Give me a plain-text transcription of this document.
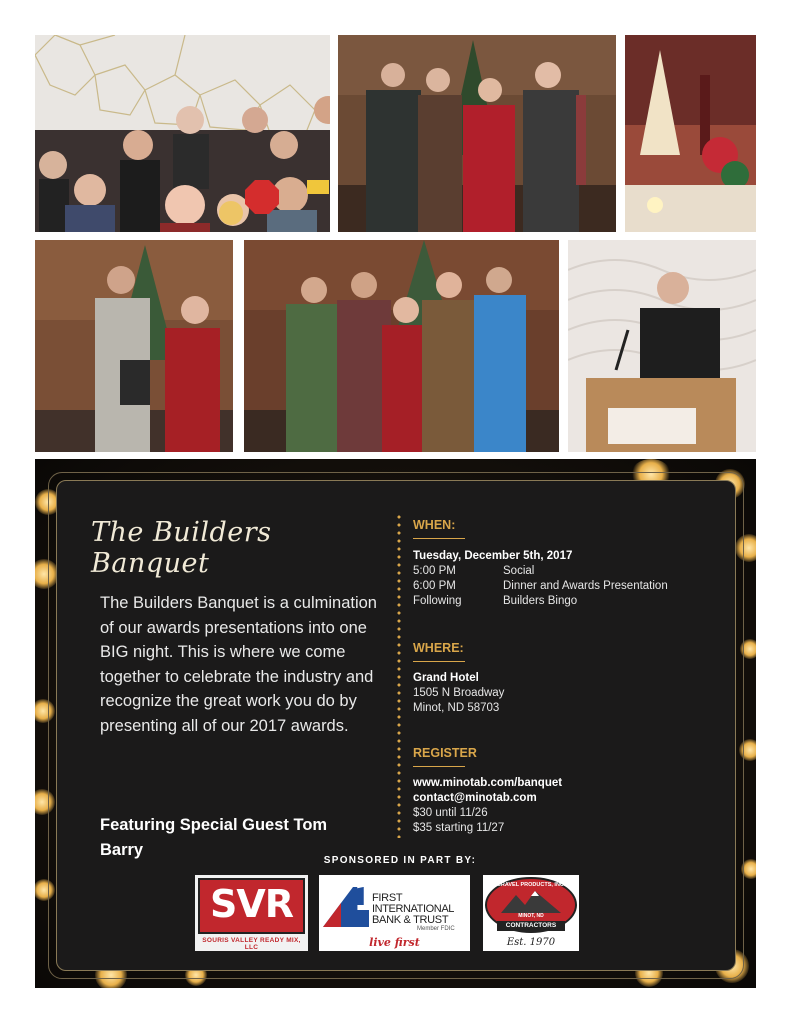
The Builders Banquet
The Builders Banquet is a culmination of our awards presentations into one BIG night. This is where we come together to celebrate the industry and recognize the great work you do by presenting all of our 2017 awards.
Featuring Special Guest Tom Barry
WHEN:
Tuesday, December 5th, 2017
5:00 PM	Social
6:00 PM	Dinner and Awards Presentation
Following	Builders Bingo
WHERE:
Grand Hotel
1505 N Broadway
Minot, ND 58703
REGISTER
www.minotab.com/banquet
contact@minotab.com
$30 until 11/26
$35 starting 11/27
SPONSORED IN PART BY:
SVR
SOURIS VALLEY READY MIX, LLC
1
FIRST
INTERNATIONAL
BANK & TRUST
Member FDIC
live first
GRAVEL PRODUCTS, INC.
MINOT, ND
CONTRACTORS
Est. 1970
